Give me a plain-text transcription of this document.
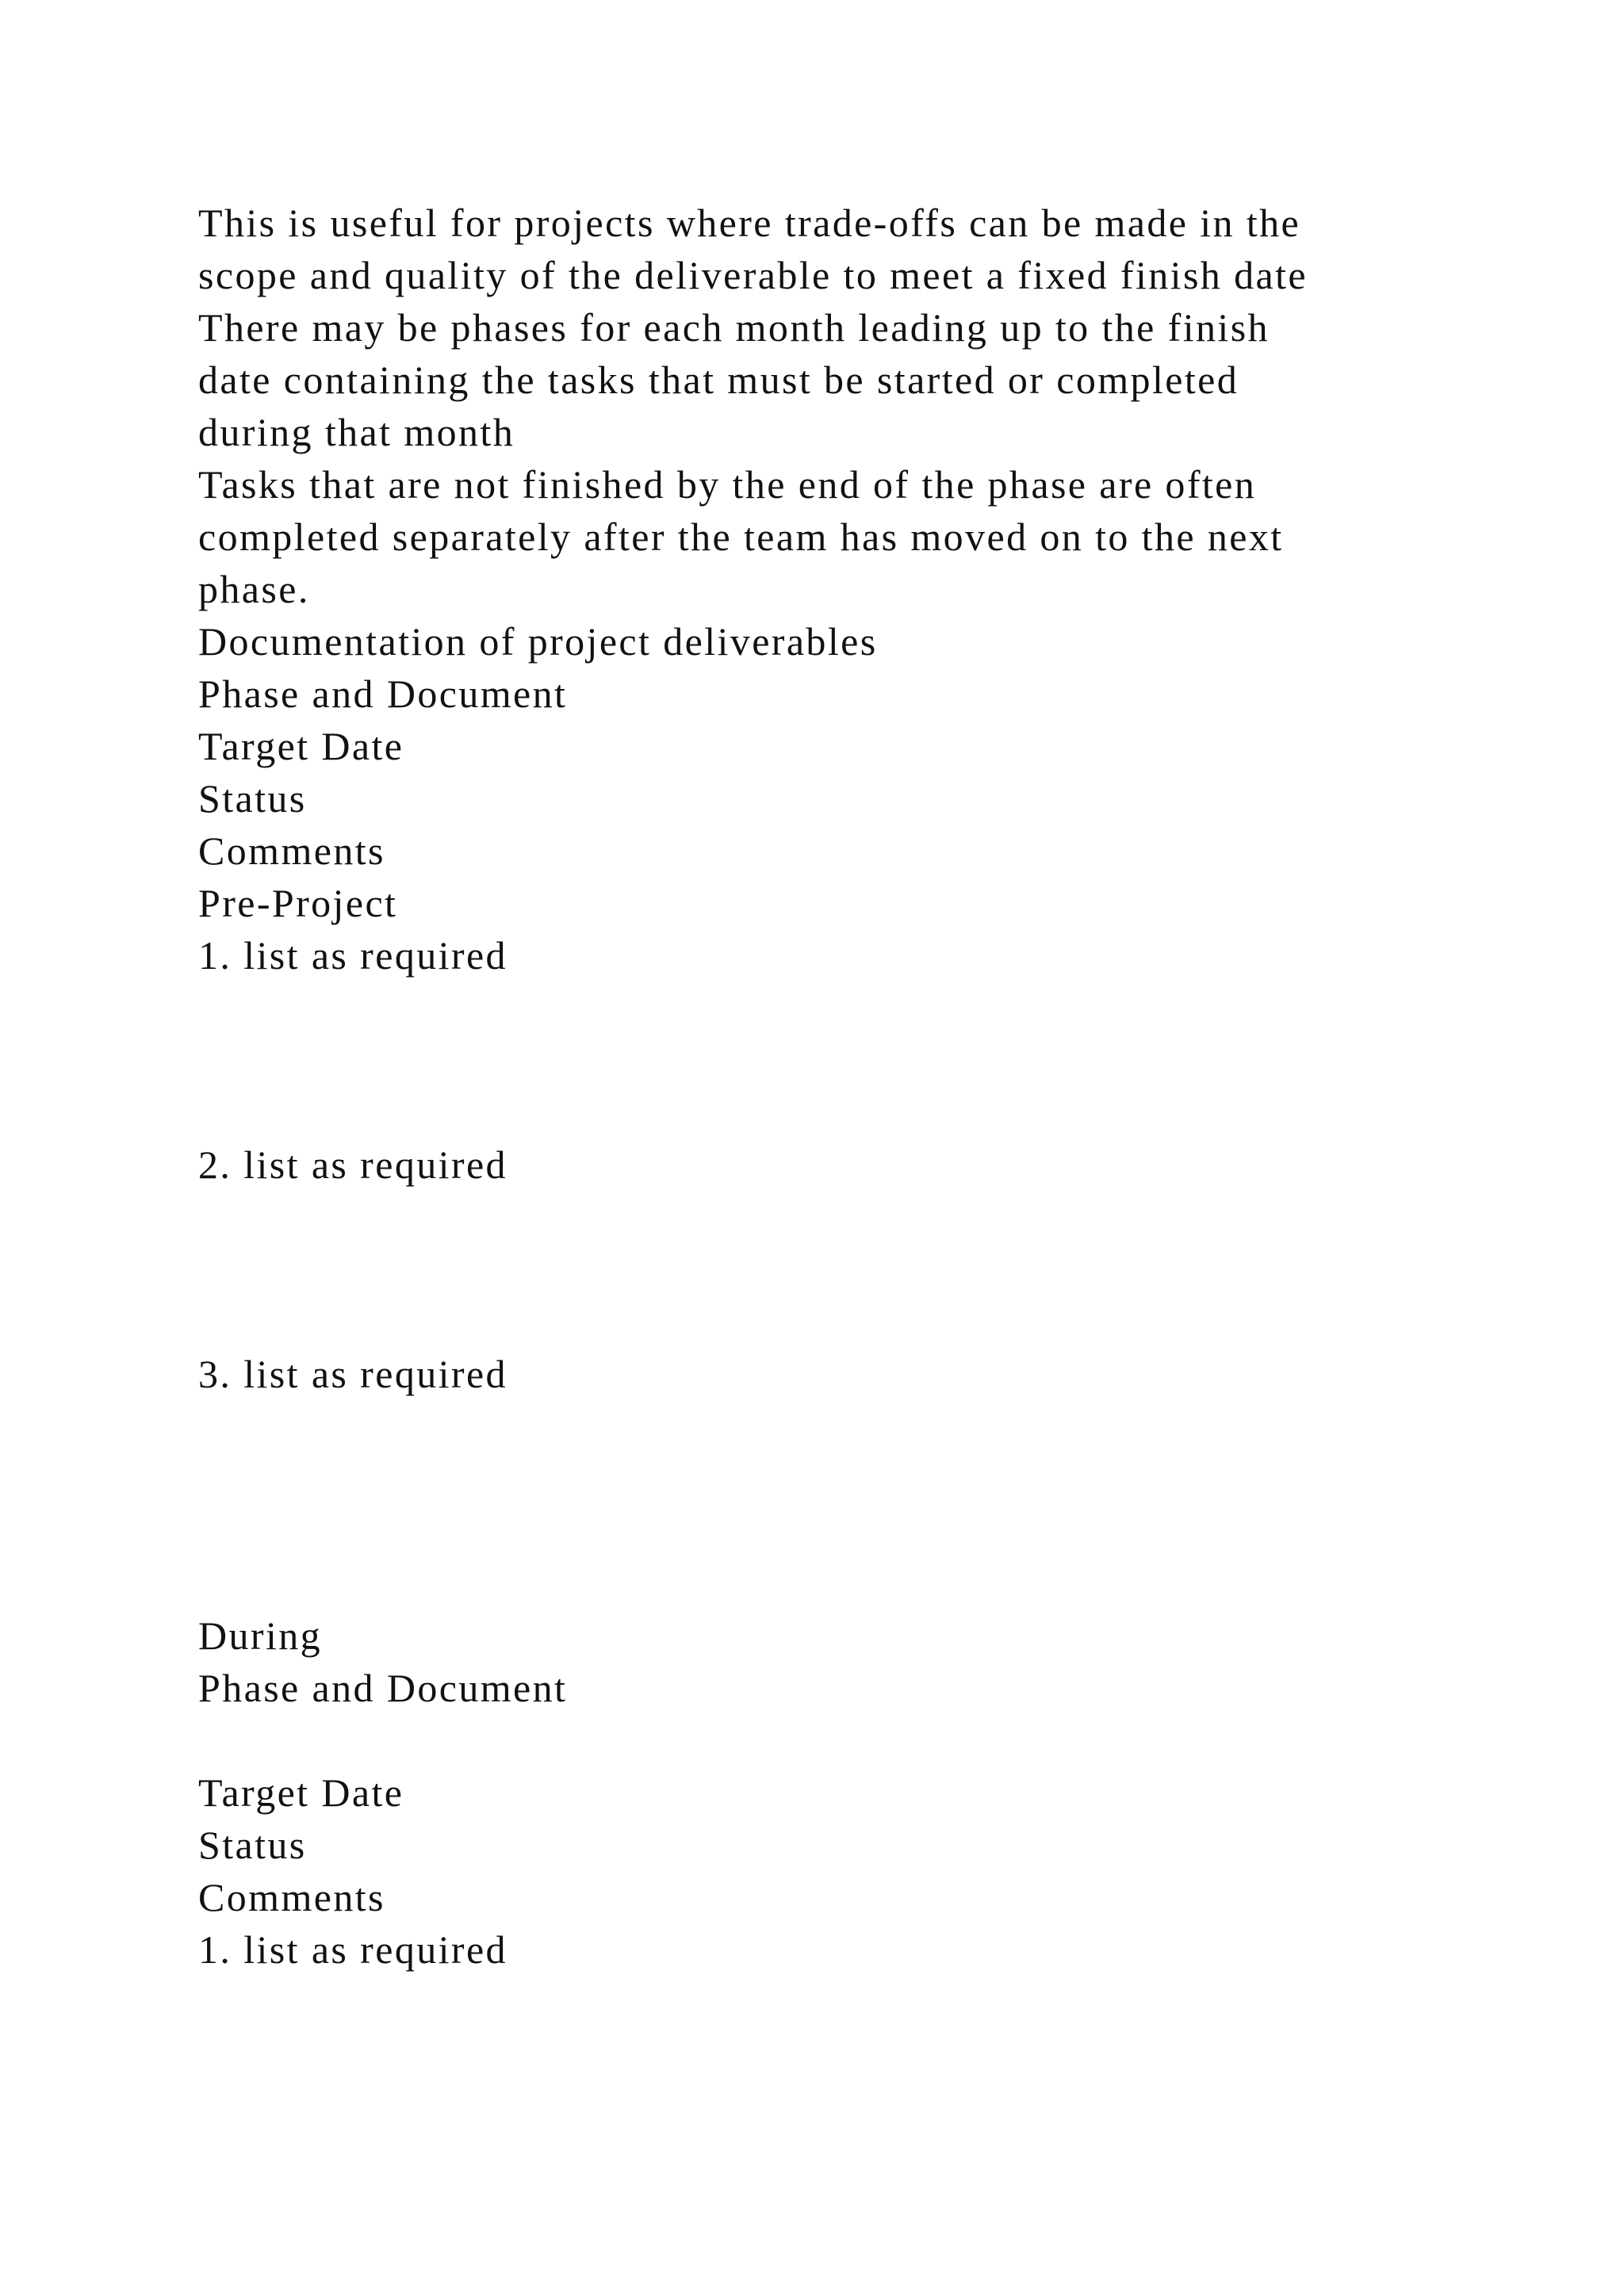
This is useful for projects where trade-offs can be made in the
scope and quality of the deliverable to meet a fixed finish date
There may be phases for each month leading up to the finish
date containing the tasks that must be started or completed
during that month
Tasks that are not finished by the end of the phase are often
completed separately after the team has moved on to the next
phase.
Documentation of project deliverables
Phase and Document
Target Date
Status
Comments
Pre-Project
1. list as required
2. list as required
3. list as required
During
Phase and Document
Target Date
Status
Comments
1. list as required
